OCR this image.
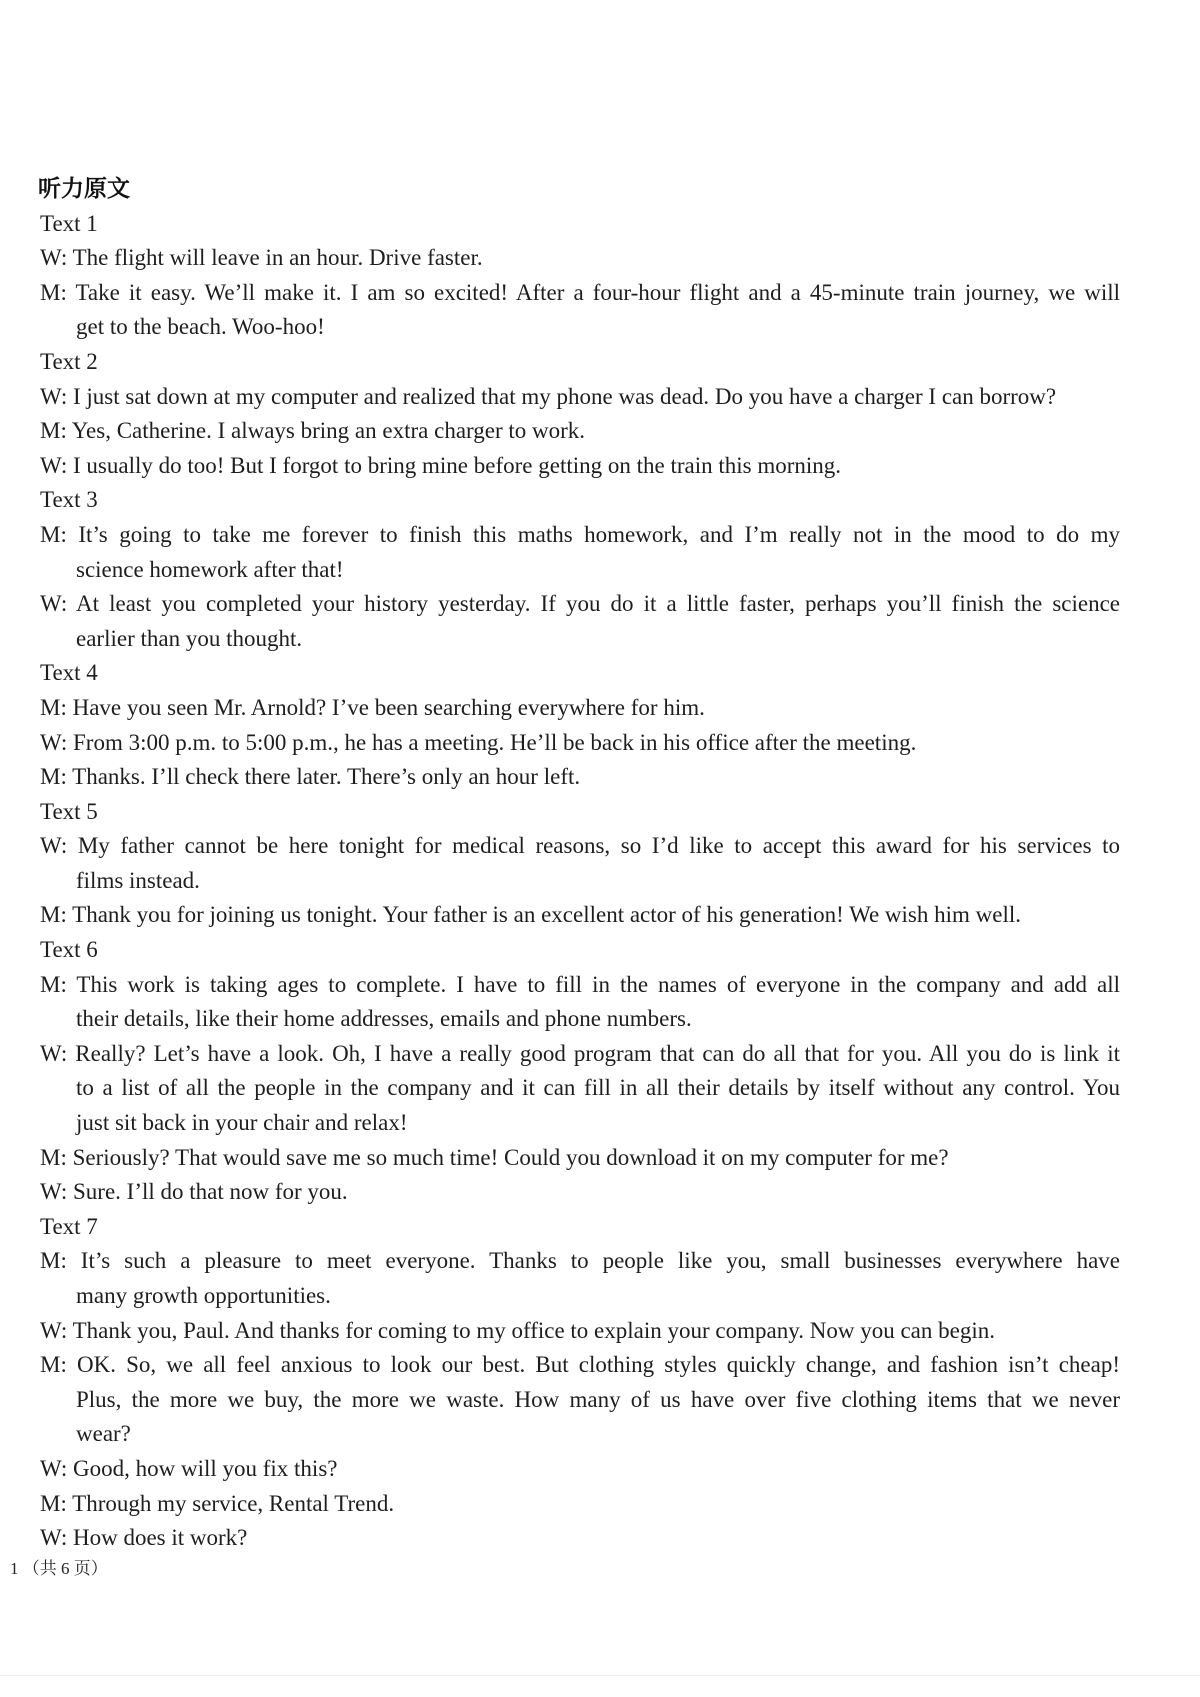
听力原文
Text 1
W: The flight will leave in an hour. Drive faster.
M: Take it easy. We’ll make it. I am so excited! After a four-hour flight and a 45-minute train journey, we will
get to the beach. Woo-hoo!
Text 2
W: I just sat down at my computer and realized that my phone was dead. Do you have a charger I can borrow?
M: Yes, Catherine. I always bring an extra charger to work.
W: I usually do too! But I forgot to bring mine before getting on the train this morning.
Text 3
M: It’s going to take me forever to finish this maths homework, and I’m really not in the mood to do my
science homework after that!
W: At least you completed your history yesterday. If you do it a little faster, perhaps you’ll finish the science
earlier than you thought.
Text 4
M: Have you seen Mr. Arnold? I’ve been searching everywhere for him.
W: From 3:00 p.m. to 5:00 p.m., he has a meeting. He’ll be back in his office after the meeting.
M: Thanks. I’ll check there later. There’s only an hour left.
Text 5
W: My father cannot be here tonight for medical reasons, so I’d like to accept this award for his services to
films instead.
M: Thank you for joining us tonight. Your father is an excellent actor of his generation! We wish him well.
Text 6
M: This work is taking ages to complete. I have to fill in the names of everyone in the company and add all
their details, like their home addresses, emails and phone numbers.
W: Really? Let’s have a look. Oh, I have a really good program that can do all that for you. All you do is link it
to a list of all the people in the company and it can fill in all their details by itself without any control. You
just sit back in your chair and relax!
M: Seriously? That would save me so much time! Could you download it on my computer for me?
W: Sure. I’ll do that now for you.
Text 7
M: It’s such a pleasure to meet everyone. Thanks to people like you, small businesses everywhere have
many growth opportunities.
W: Thank you, Paul. And thanks for coming to my office to explain your company. Now you can begin.
M: OK. So, we all feel anxious to look our best. But clothing styles quickly change, and fashion isn’t cheap!
Plus, the more we buy, the more we waste. How many of us have over five clothing items that we never
wear?
W: Good, how will you fix this?
M: Through my service, Rental Trend.
W: How does it work?
1 （共 6 页）
